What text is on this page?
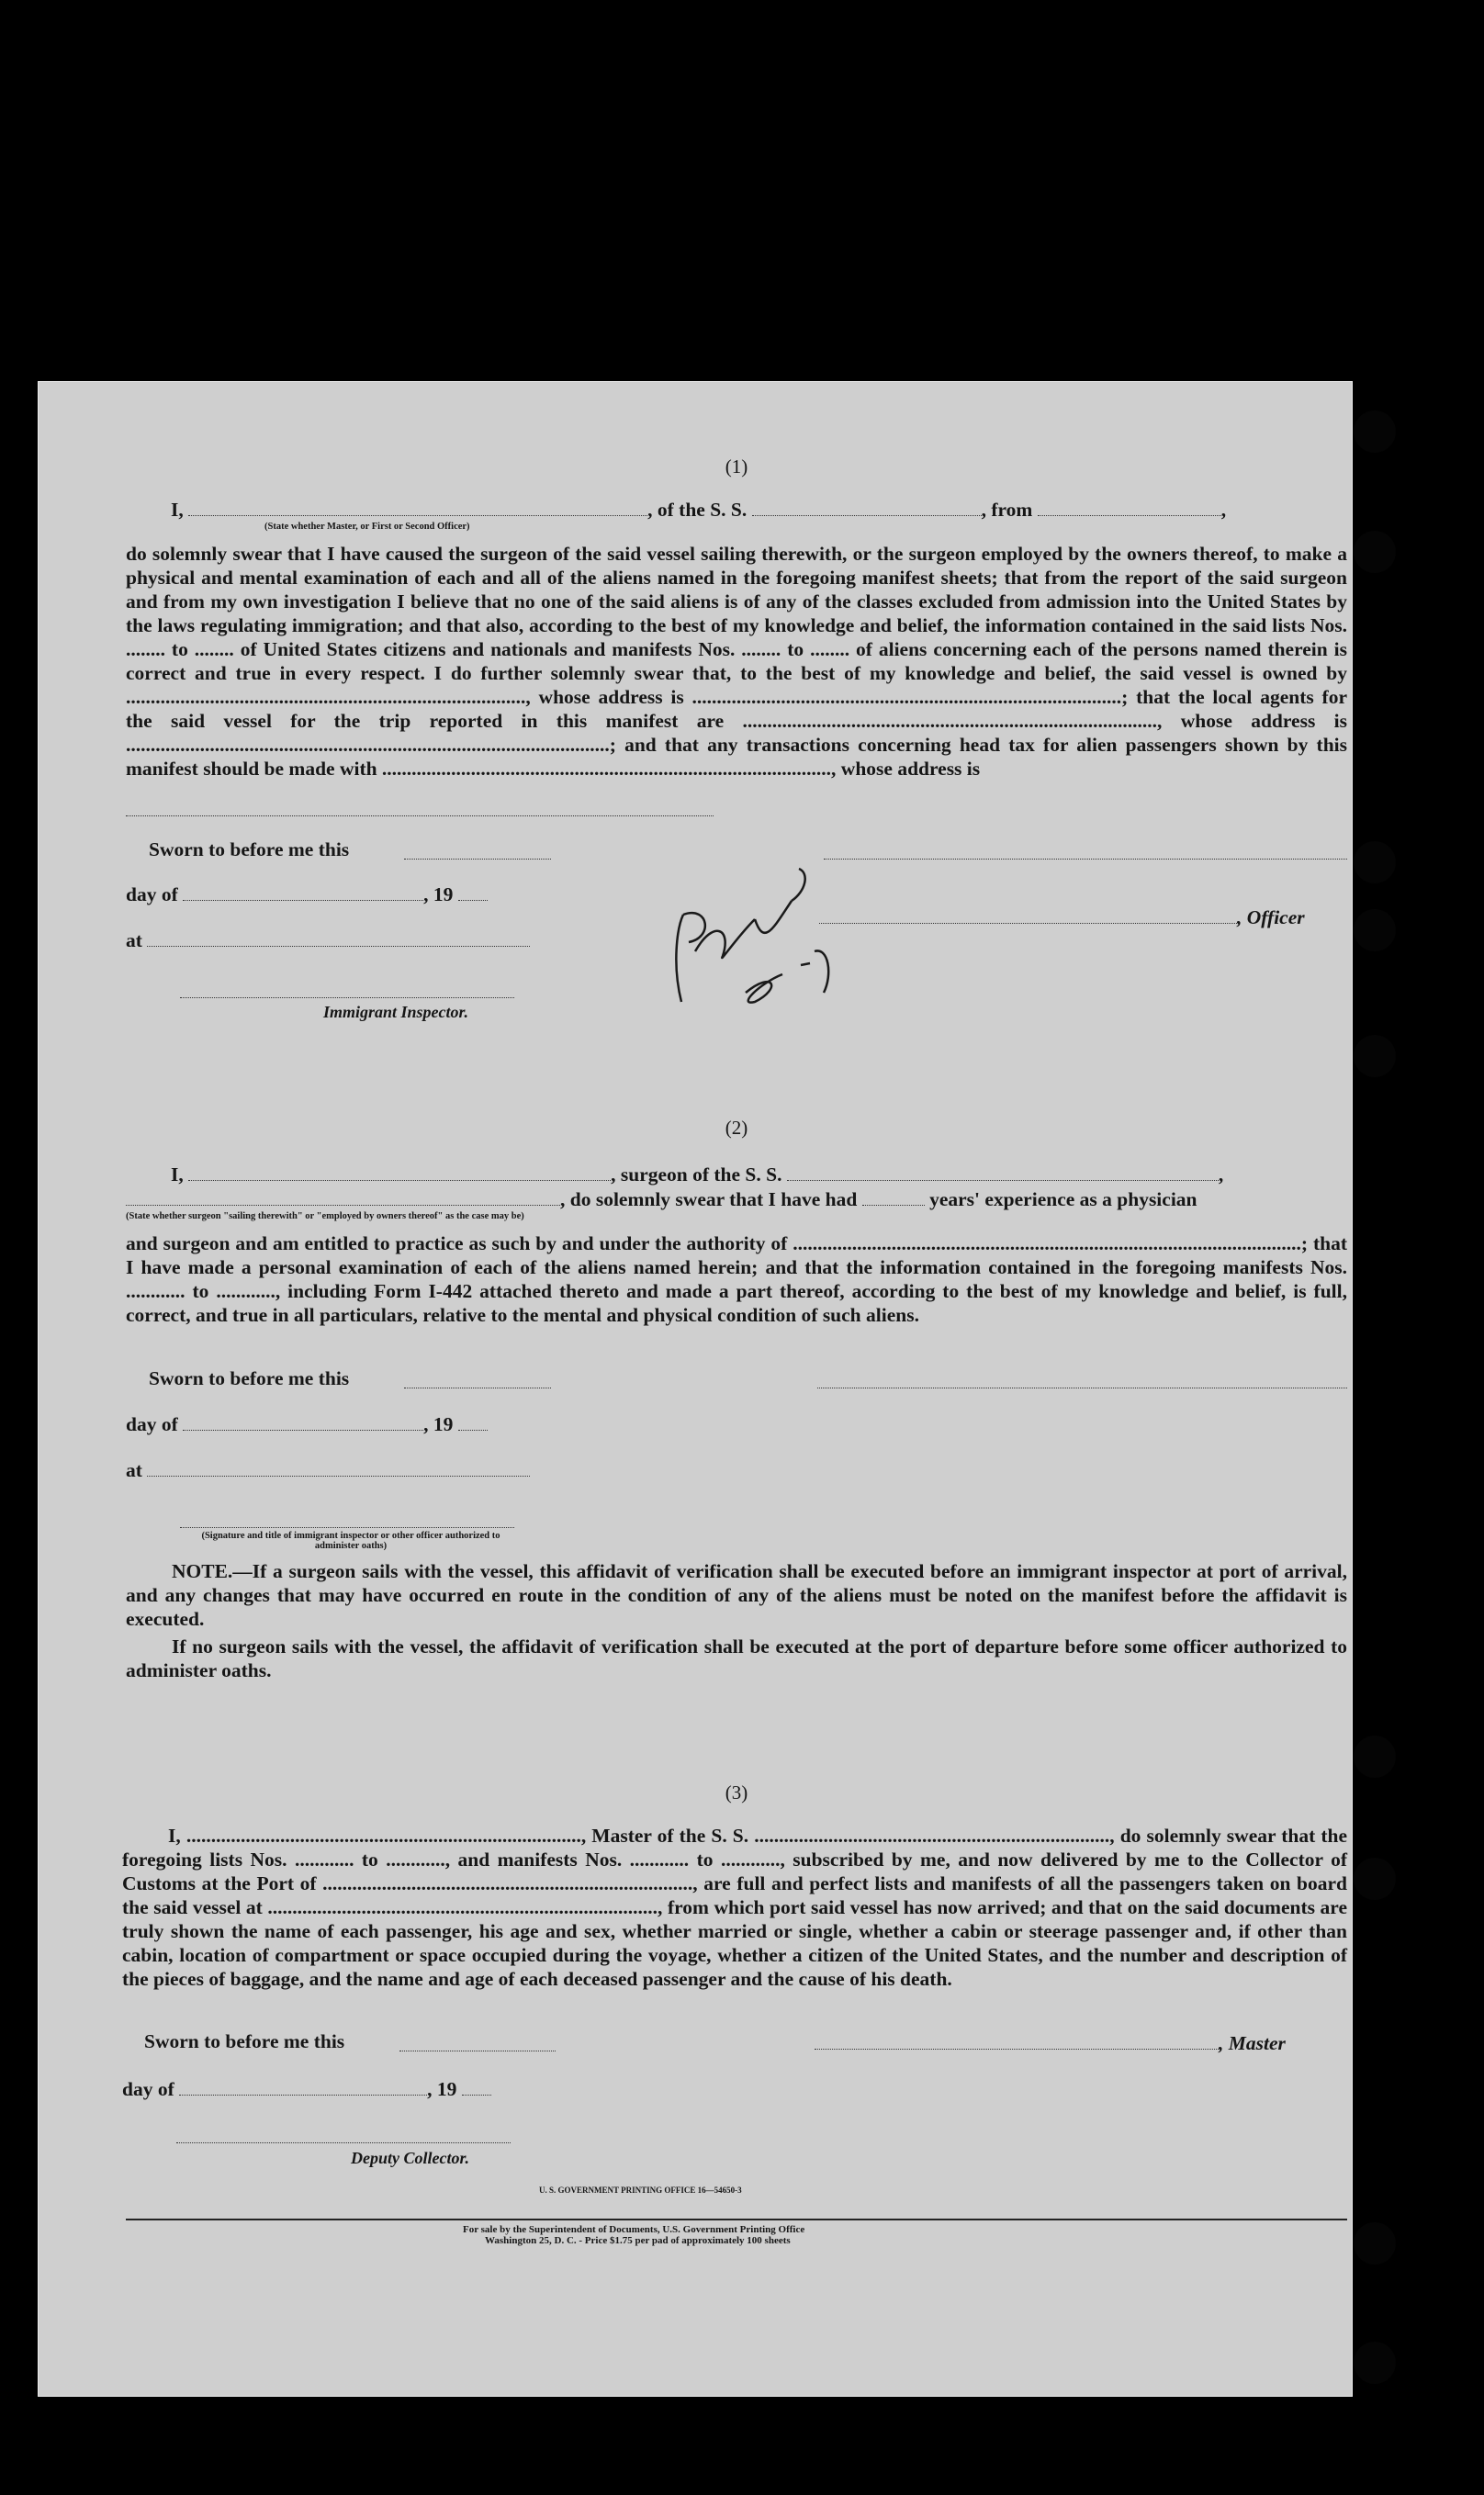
(1)
I,	, of the S. S.	, from	,
(State whether Master, or First or Second Officer)
do solemnly swear that I have caused the surgeon of the said vessel sailing therewith, or the surgeon employed by the owners thereof, to make a physical and mental examination of each and all of the aliens named in the foregoing manifest sheets; that from the report of the said surgeon and from my own investigation I believe that no one of the said aliens is of any of the classes excluded from admission into the United States by the laws regulating immigration; and that also, according to the best of my knowledge and belief, the information contained in the said lists Nos. ........ to ........ of United States citizens and nationals and manifests Nos. ........ to ........ of aliens concerning each of the persons named therein is correct and true in every respect. I do further solemnly swear that, to the best of my knowledge and belief, the said vessel is owned by ................................................................................., whose address is .......................................................................................; that the local agents for the said vessel for the trip reported in this manifest are ...................................................................................., whose address is ..................................................................................................; and that any transactions concerning head tax for alien passengers shown by this manifest should be made with ..........................................................................................., whose address is
Sworn to before me this
day of	, 19
at
, Officer
Immigrant Inspector.
(2)
I,	, surgeon of the S. S.	,
, do solemnly swear that I have had	years' experience as a physician
(State whether surgeon "sailing therewith" or "employed by owners thereof" as the case may be)
and surgeon and am entitled to practice as such by and under the authority of .......................................................................................................; that I have made a personal examination of each of the aliens named herein; and that the information contained in the foregoing manifests Nos. ............ to ............, including Form I-442 attached thereto and made a part thereof, according to the best of my knowledge and belief, is full, correct, and true in all particulars, relative to the mental and physical condition of such aliens.
Sworn to before me this
day of	, 19
at
(Signature and title of immigrant inspector or other officer authorized to administer oaths)
NOTE.—If a surgeon sails with the vessel, this affidavit of verification shall be executed before an immigrant inspector at port of arrival, and any changes that may have occurred en route in the condition of any of the aliens must be noted on the manifest before the affidavit is executed.
If no surgeon sails with the vessel, the affidavit of verification shall be executed at the port of departure before some officer authorized to administer oaths.
(3)
I, ................................................................................, Master of the S. S. ........................................................................, do solemnly swear that the foregoing lists Nos. ............ to ............, and manifests Nos. ............ to ............, subscribed by me, and now delivered by me to the Collector of Customs at the Port of ..........................................................................., are full and perfect lists and manifests of all the passengers taken on board the said vessel at ..............................................................................., from which port said vessel has now arrived; and that on the said documents are truly shown the name of each passenger, his age and sex, whether married or single, whether a cabin or steerage passenger and, if other than cabin, location of compartment or space occupied during the voyage, whether a citizen of the United States, and the number and description of the pieces of baggage, and the name and age of each deceased passenger and the cause of his death.
Sworn to before me this	, Master
day of	, 19
Deputy Collector.
U. S. GOVERNMENT PRINTING OFFICE 16—54650-3
For sale by the Superintendent of Documents, U.S. Government Printing Office
Washington 25, D. C. - Price $1.75 per pad of approximately 100 sheets
